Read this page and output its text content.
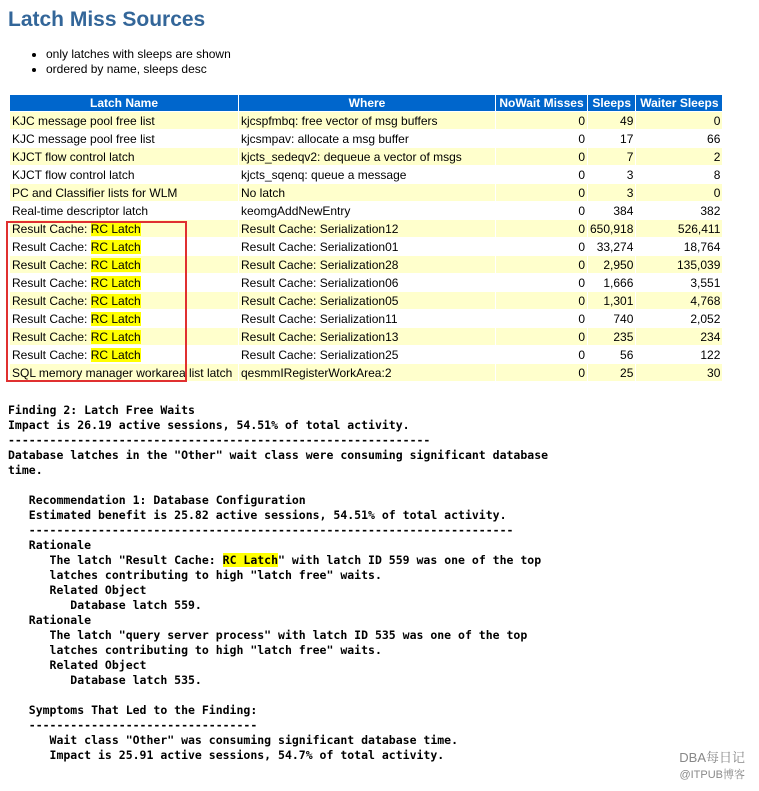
Latch Miss Sources
• only latches with sleeps are shown
• ordered by name, sleeps desc
Latch Name	Where	NoWait Misses	Sleeps	Waiter Sleeps
KJC message pool free list	kjcspfmbq: free vector of msg buffers	0	49	0
KJC message pool free list	kjcsmpav: allocate a msg buffer	0	17	66
KJCT flow control latch	kjcts_sedeqv2: dequeue a vector of msgs	0	7	2
KJCT flow control latch	kjcts_sqenq: queue a message	0	3	8
PC and Classifier lists for WLM	No latch	0	3	0
Real-time descriptor latch	keomgAddNewEntry	0	384	382
Result Cache: RC Latch	Result Cache: Serialization12	0	650,918	526,411
Result Cache: RC Latch	Result Cache: Serialization01	0	33,274	18,764
Result Cache: RC Latch	Result Cache: Serialization28	0	2,950	135,039
Result Cache: RC Latch	Result Cache: Serialization06	0	1,666	3,551
Result Cache: RC Latch	Result Cache: Serialization05	0	1,301	4,768
Result Cache: RC Latch	Result Cache: Serialization11	0	740	2,052
Result Cache: RC Latch	Result Cache: Serialization13	0	235	234
Result Cache: RC Latch	Result Cache: Serialization25	0	56	122
SQL memory manager workarea list latch	qesmmIRegisterWorkArea:2	0	25	30
Finding 2: Latch Free Waits
Impact is 26.19 active sessions, 54.51% of total activity.
-------------------------------------------------------------
Database latches in the "Other" wait class were consuming significant database
time.

Recommendation 1: Database Configuration
Estimated benefit is 25.82 active sessions, 54.51% of total activity.
----------------------------------------------------------------------
Rationale
The latch "Result Cache: RC Latch" with latch ID 559 was one of the top
latches contributing to high "latch free" waits.
Related Object
Database latch 559.
Rationale
The latch "query server process" with latch ID 535 was one of the top
latches contributing to high "latch free" waits.
Related Object
Database latch 535.

Symptoms That Led to the Finding:
---------------------------------
Wait class "Other" was consuming significant database time.
Impact is 25.91 active sessions, 54.7% of total activity.	DBA每日记
@ITPUB博客
